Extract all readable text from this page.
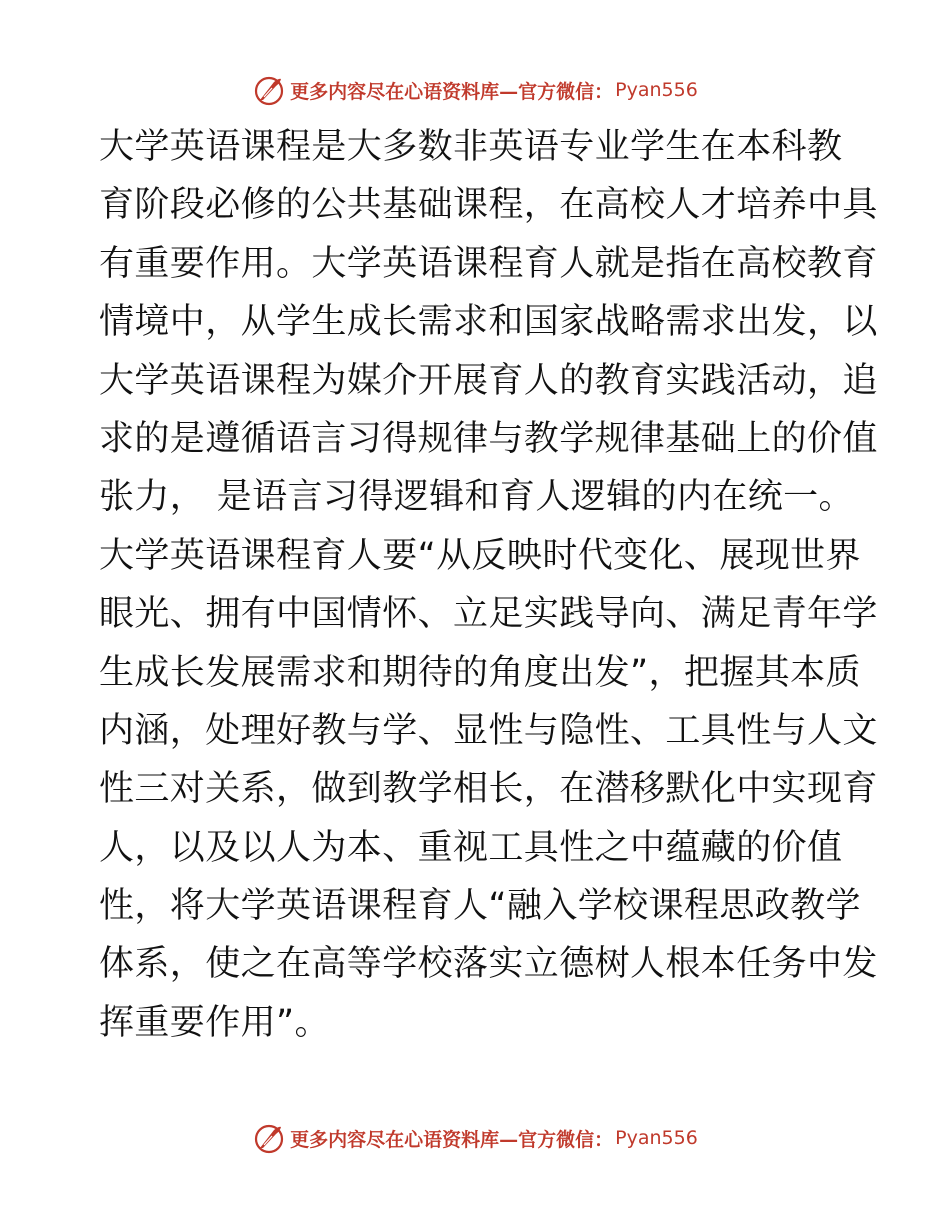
更多内容尽在心语资料库—官方微信： Pyan556
大学英语课程是大多数非英语专业学生在本科教
育阶段必修的公共基础课程，在高校人才培养中具
有重要作用。大学英语课程育人就是指在高校教育
情境中，从学生成长需求和国家战略需求出发，以
大学英语课程为媒介开展育人的教育实践活动，追
求的是遵循语言习得规律与教学规律基础上的价值
张力， 是语言习得逻辑和育人逻辑的内在统一。
大学英语课程育人要“从反映时代变化、展现世界
眼光、拥有中国情怀、立足实践导向、满足青年学
生成长发展需求和期待的角度出发”，把握其本质
内涵，处理好教与学、显性与隐性、工具性与人文
性三对关系，做到教学相长，在潜移默化中实现育
人，以及以人为本、重视工具性之中蕴藏的价值
性，将大学英语课程育人“融入学校课程思政教学
体系，使之在高等学校落实立德树人根本任务中发
挥重要作用”。
更多内容尽在心语资料库—官方微信： Pyan556
